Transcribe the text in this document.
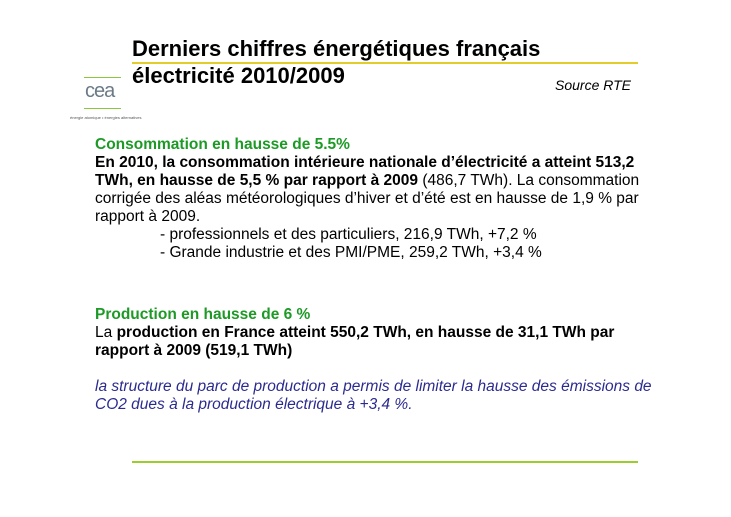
Derniers chiffres énergétiques français
électricité 2010/2009	Source RTE
cea
énergie atomique • énergies alternatives

Consommation en hausse de 5.5%

En 2010, la consommation intérieure nationale d’électricité a atteint 513,2 TWh, en hausse de 5,5 % par rapport à 2009 (486,7 TWh). La consommation corrigée des aléas météorologiques d’hiver et d’été est en hausse de 1,9 % par rapport à 2009.

- professionnels et des particuliers, 216,9 TWh, +7,2 %

- Grande industrie et des PMI/PME, 259,2 TWh, +3,4 %

Production en hausse de 6 %

La production en France atteint 550,2 TWh, en hausse de 31,1 TWh par rapport à 2009 (519,1 TWh)

la structure du parc de production a permis de limiter la hausse des émissions de CO2 dues à la production électrique à +3,4 %.
